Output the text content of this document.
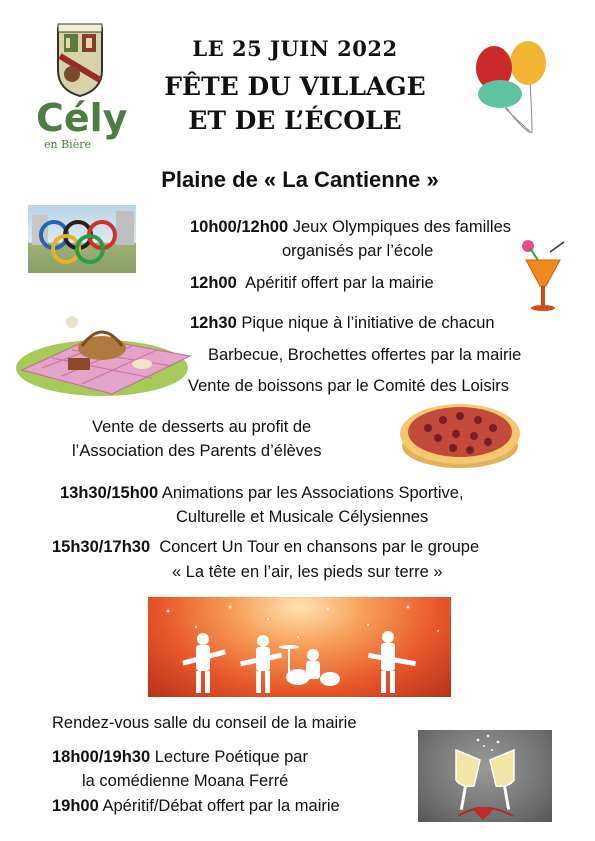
Cély
en Bière
LE 25 JUIN 2022
FÊTE DU VILLAGE
ET DE L’ÉCOLE
Plaine de « La Cantienne »
10h00/12h00 Jeux Olympiques des familles
organisés par l’école
12h00 Apéritif offert par la mairie
12h30 Pique nique à l’initiative de chacun
Barbecue, Brochettes offertes par la mairie
Vente de boissons par le Comité des Loisirs
Vente de desserts au profit de
l’Association des Parents d’élèves
13h30/15h00 Animations par les Associations Sportive,
Culturelle et Musicale Célysiennes
15h30/17h30 Concert Un Tour en chansons par le groupe
« La tête en l’air, les pieds sur terre »
Rendez-vous salle du conseil de la mairie
18h00/19h30 Lecture Poétique par
la comédienne Moana Ferré
19h00 Apéritif/Débat offert par la mairie
